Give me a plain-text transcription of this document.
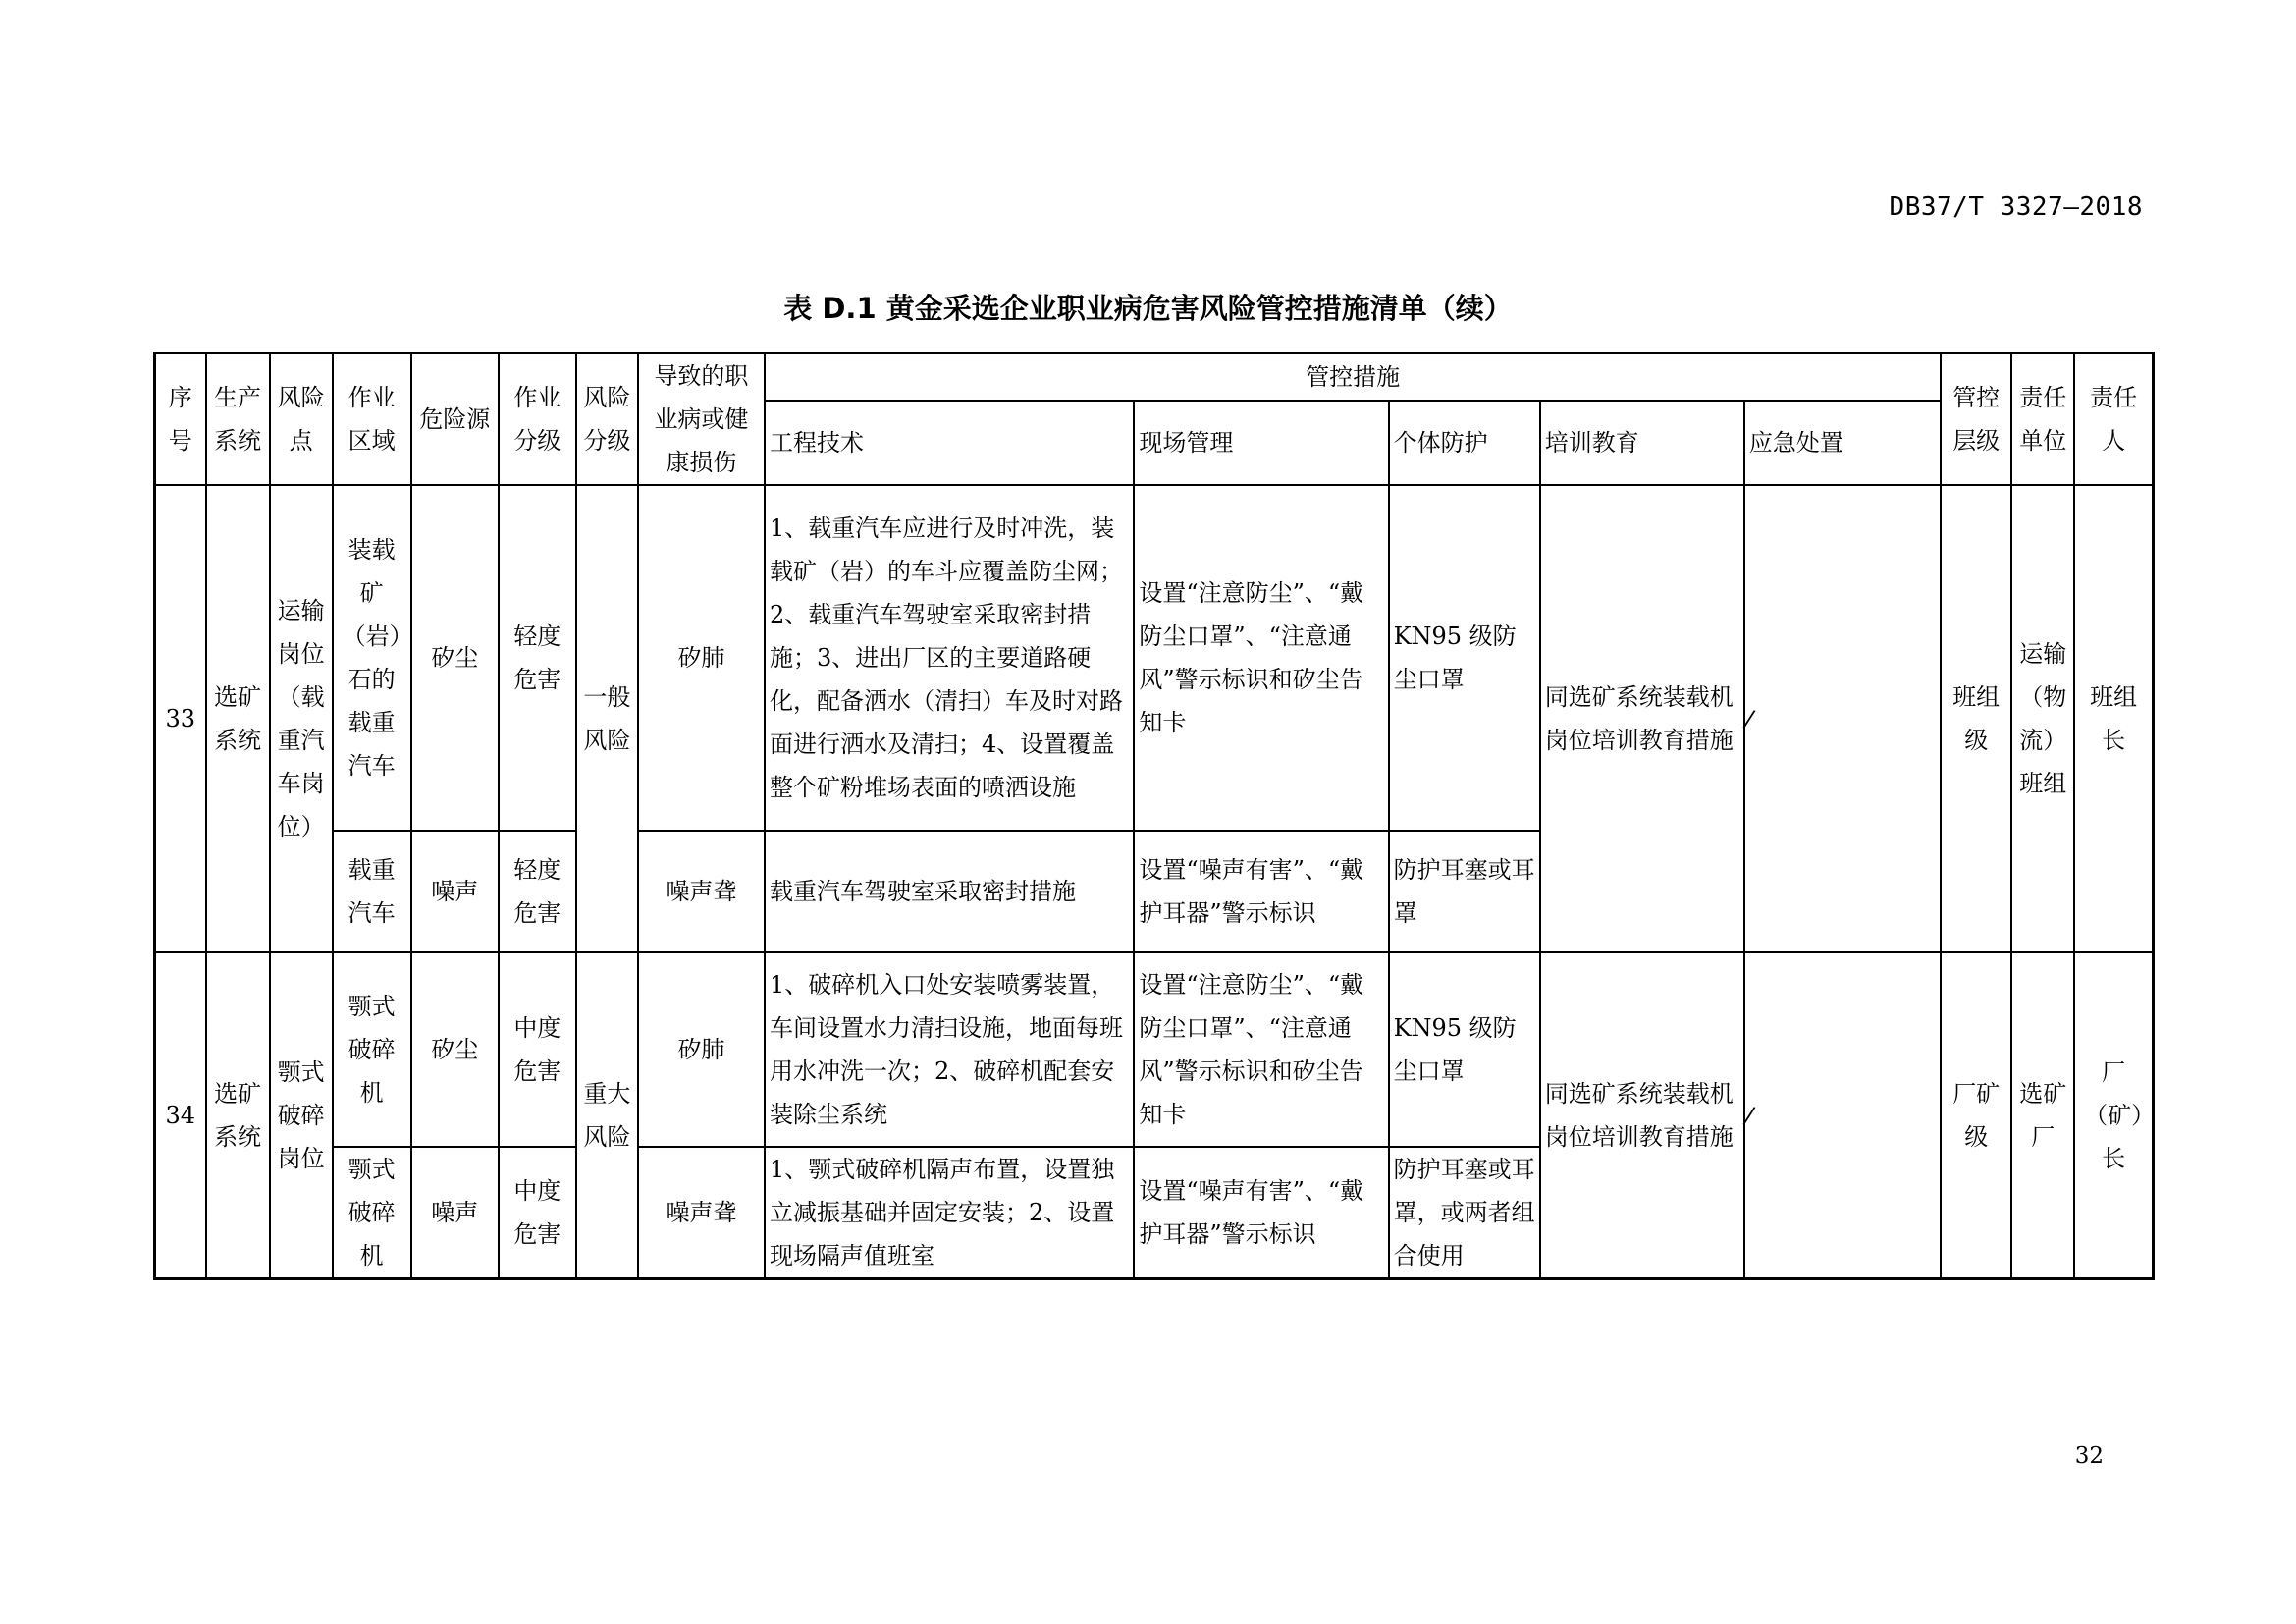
DB37/T 3327—2018
表 D.1 黄金采选企业职业病危害风险管控措施清单（续）
序号	生产系统	风险点	作业区域	危险源	作业分级	风险分级	导致的职业病或健康损伤	管控措施					管控层级	责任单位	责任人
								工程技术	现场管理	个体防护	培训教育	应急处置			
33	选矿系统	运输岗位（载重汽车岗位）	装载矿（岩）石的载重汽车	矽尘	轻度危害	一般风险	矽肺	1、载重汽车应进行及时冲洗，装载矿（岩）的车斗应覆盖防尘网；2、载重汽车驾驶室采取密封措施；3、进出厂区的主要道路硬化，配备洒水（清扫）车及时对路面进行洒水及清扫；4、设置覆盖整个矿粉堆场表面的喷洒设施	设置“注意防尘”、“戴防尘口罩”、“注意通风”警示标识和矽尘告知卡	KN95 级防尘口罩	同选矿系统装载机岗位培训教育措施	/	班组级	运输（物流）班组	班组长
			载重汽车	噪声	轻度危害		噪声聋	载重汽车驾驶室采取密封措施	设置“噪声有害”、“戴护耳器”警示标识	防护耳塞或耳罩					
34	选矿系统	颚式破碎岗位	颚式破碎机	矽尘	中度危害	重大风险	矽肺	1、破碎机入口处安装喷雾装置，车间设置水力清扫设施，地面每班用水冲洗一次；2、破碎机配套安装除尘系统	设置“注意防尘”、“戴防尘口罩”、“注意通风”警示标识和矽尘告知卡	KN95 级防尘口罩	同选矿系统装载机岗位培训教育措施	/	厂矿级	选矿厂	厂（矿）长
			颚式破碎机	噪声	中度危害		噪声聋	1、颚式破碎机隔声布置，设置独立减振基础并固定安装；2、设置现场隔声值班室	设置“噪声有害”、“戴护耳器”警示标识	防护耳塞或耳罩，或两者组合使用					
32
